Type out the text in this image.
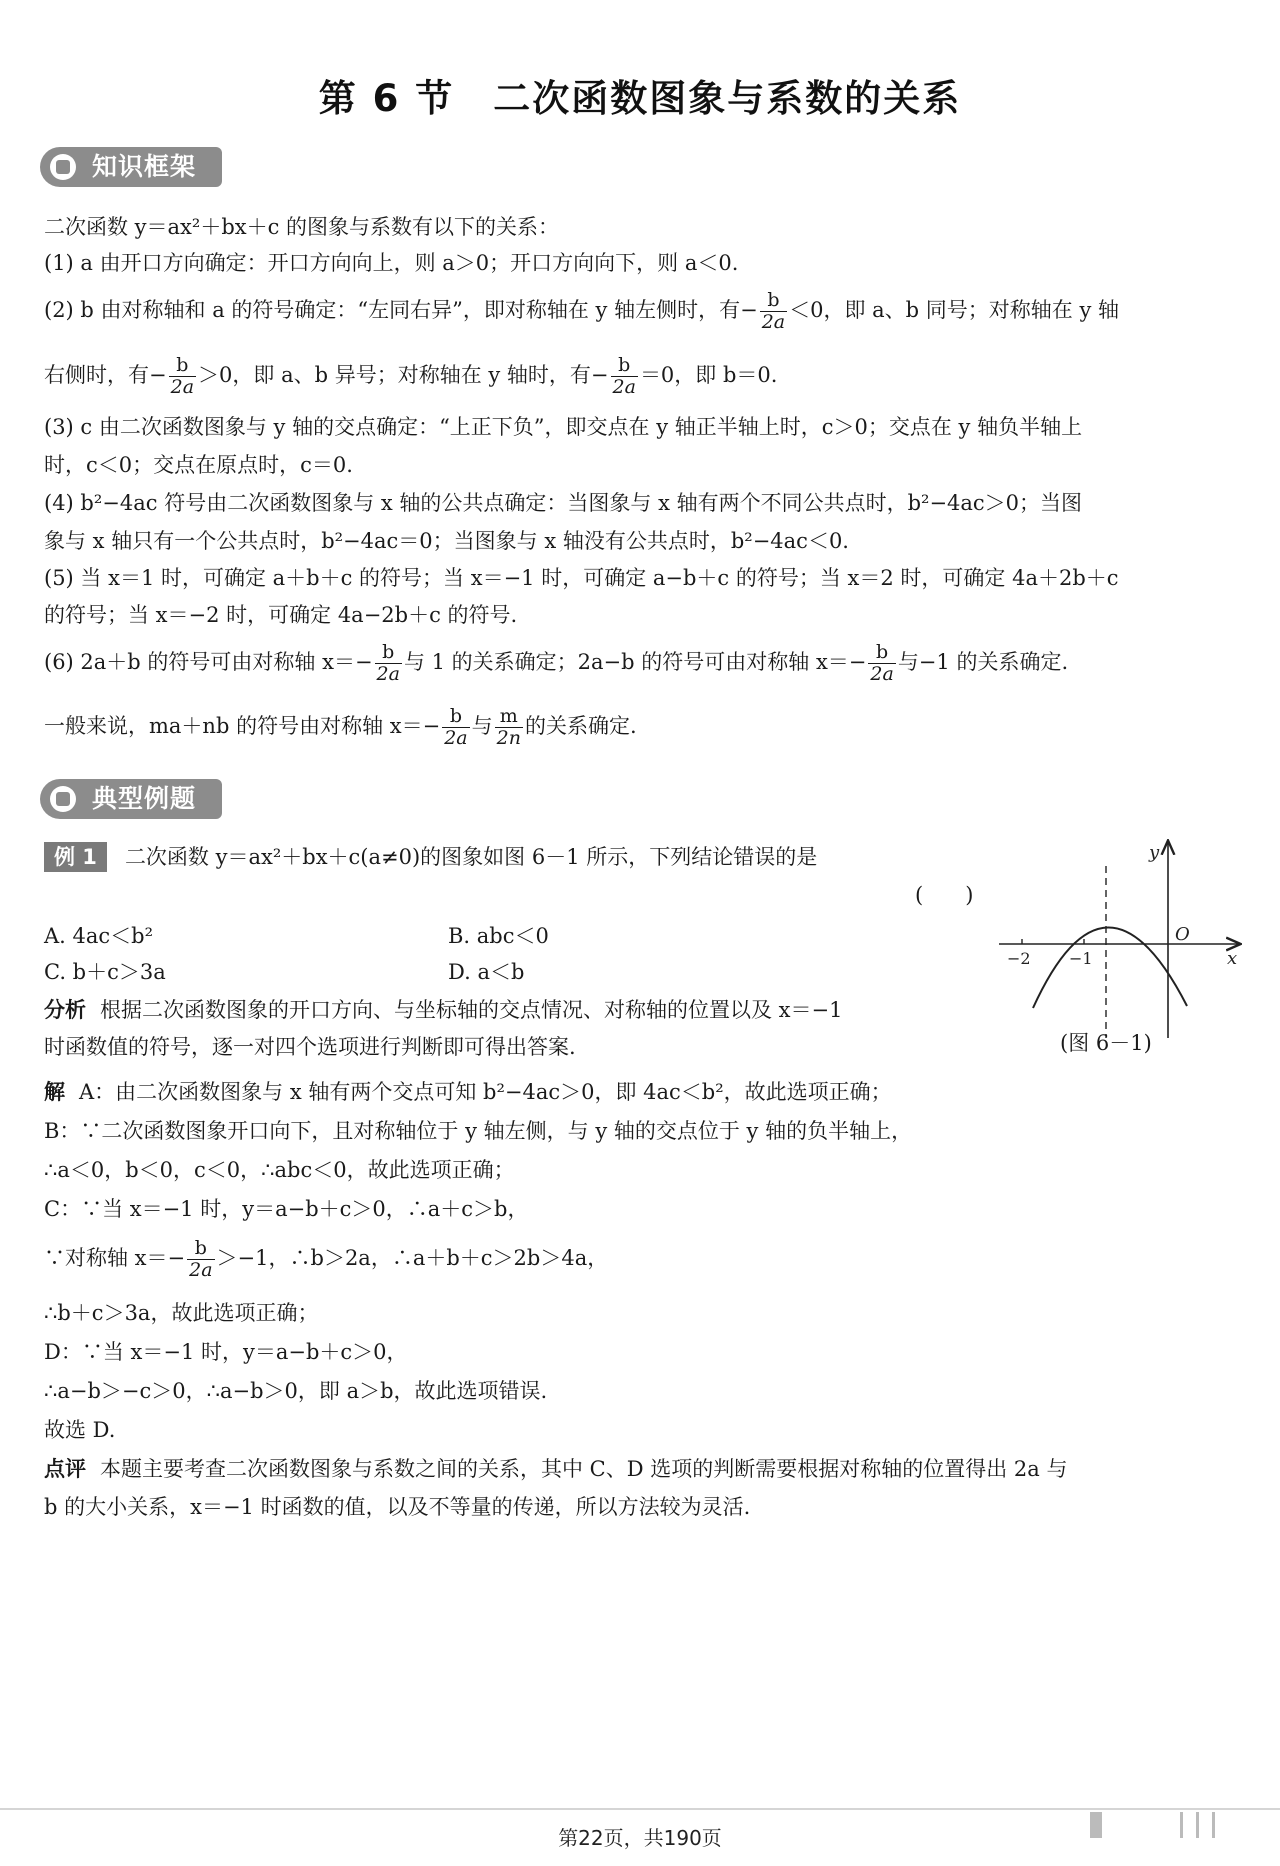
第 6 节　二次函数图象与系数的关系
知识框架
二次函数 y＝ax²＋bx＋c 的图象与系数有以下的关系：
(1) a 由开口方向确定：开口方向向上，则 a＞0；开口方向向下，则 a＜0.
(2) b 由对称轴和 a 的符号确定：“左同右异”，即对称轴在 y 轴左侧时，有− $\frac{b}{2a} <0$，即 a、b 同号；对称轴在 y 轴
右侧时，有− $\frac{b}{2a} >0$，即 a、b 异号；对称轴在 y 轴时，有− $\frac{b}{2a} =0$，即 b＝0.
(3) c 由二次函数图象与 y 轴的交点确定：“上正下负”，即交点在 y 轴正半轴上时，c＞0；交点在 y 轴负半轴上
时，c＜0；交点在原点时，c＝0.
(4) b²−4ac 符号由二次函数图象与 x 轴的公共点确定：当图象与 x 轴有两个不同公共点时，b²−4ac＞0；当图
象与 x 轴只有一个公共点时，b²−4ac＝0；当图象与 x 轴没有公共点时，b²−4ac＜0.
(5) 当 x＝1 时，可确定 a＋b＋c 的符号；当 x＝−1 时，可确定 a−b＋c 的符号；当 x＝2 时，可确定 4a＋2b＋c
的符号；当 x＝−2 时，可确定 4a−2b＋c 的符号.
(6) 2a＋b 的符号可由对称轴 $x=- \frac{b}{2a}$ 与 1 的关系确定；2a−b 的符号可由对称轴 $x=- \frac{b}{2a}$ 与−1 的关系确定.
一般来说，ma＋nb 的符号由对称轴 $x=- \frac{b}{2a}$ 与 $\frac{m}{2n}$ 的关系确定.
典型例题
例 1 二次函数 y＝ax²＋bx＋c(a≠0)的图象如图 6－1 所示，下列结论错误的是
(　　)
A. 4ac＜b²	B. abc＜0
C. b＋c＞3a	D. a＜b
分析 根据二次函数图象的开口方向、与坐标轴的交点情况、对称轴的位置以及 x＝−1
时函数值的符号，逐一对四个选项进行判断即可得出答案.
y
x
O
−2 −1
(图 6－1)
解 A：由二次函数图象与 x 轴有两个交点可知 b²−4ac＞0，即 4ac＜b²，故此选项正确；
B：∵二次函数图象开口向下，且对称轴位于 y 轴左侧，与 y 轴的交点位于 y 轴的负半轴上，
∴a＜0，b＜0，c＜0，∴abc＜0，故此选项正确；
C：∵当 x＝−1 时，y＝a−b＋c＞0，∴a＋c＞b，
∵对称轴 $x=- \frac{b}{2a} >-1$，∴b＞2a，∴a＋b＋c＞2b＞4a，
∴b＋c＞3a，故此选项正确；
D：∵当 x＝−1 时，y＝a−b＋c＞0，
∴a−b＞−c＞0，∴a−b＞0，即 a＞b，故此选项错误.
故选 D.
点评 本题主要考查二次函数图象与系数之间的关系，其中 C、D 选项的判断需要根据对称轴的位置得出 2a 与
b 的大小关系，x＝−1 时函数的值，以及不等量的传递，所以方法较为灵活.
第22页，共190页
